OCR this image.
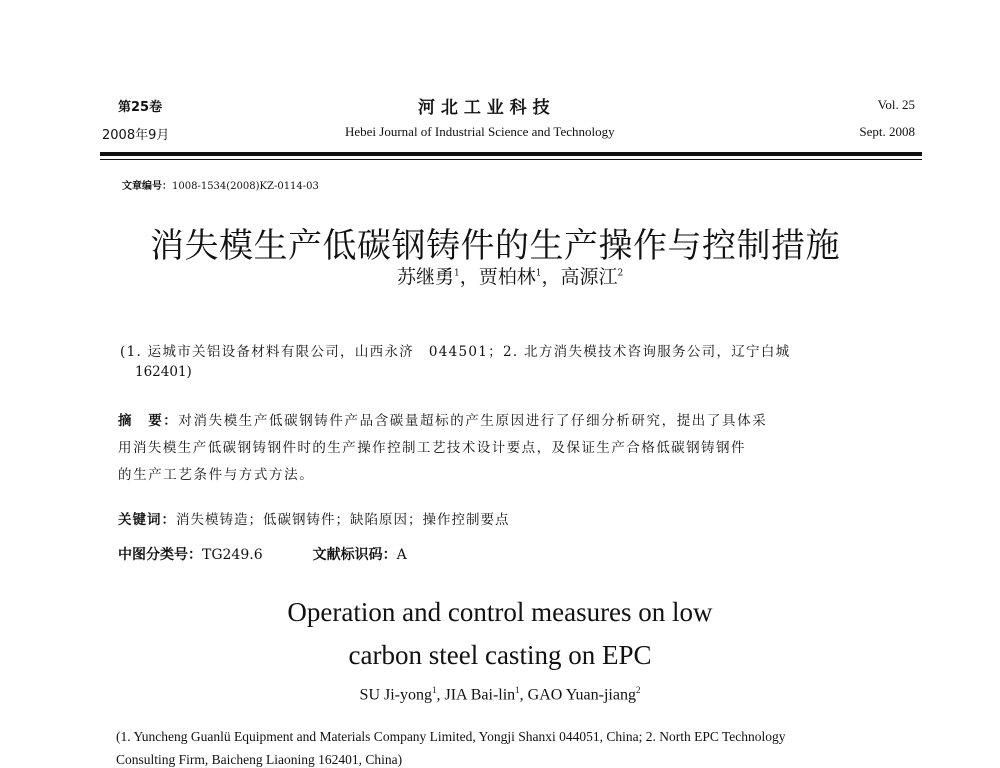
第25卷
2008年9月
河 北 工 业 科 技
Hebei Journal of Industrial Science and Technology
Vol. 25
Sept. 2008
文章编号：1008-1534(2008)KZ-0114-03
消失模生产低碳钢铸件的生产操作与控制措施
苏继勇$^1$，贾柏林$^1$，高源江$^2$
(1. 运城市关铝设备材料有限公司，山西永济　044501；2. 北方消失模技术咨询服务公司，辽宁白城
162401)
摘　要：对消失模生产低碳钢铸件产品含碳量超标的产生原因进行了仔细分析研究，提出了具体采
用消失模生产低碳钢铸钢件时的生产操作控制工艺技术设计要点，及保证生产合格低碳钢铸钢件
的生产工艺条件与方式方法。
关键词：消失模铸造；低碳钢铸件；缺陷原因；操作控制要点
中图分类号：TG249.6	文献标识码：A
Operation and control measures on low
carbon steel casting on EPC
SU Ji-yong$^1$, JIA Bai-lin$^1$, GAO Yuan-jiang$^2$
(1. Yuncheng Guanlü Equipment and Materials Company Limited, Yongji Shanxi 044051, China; 2. North EPC Technology
Consulting Firm, Baicheng Liaoning 162401, China)
